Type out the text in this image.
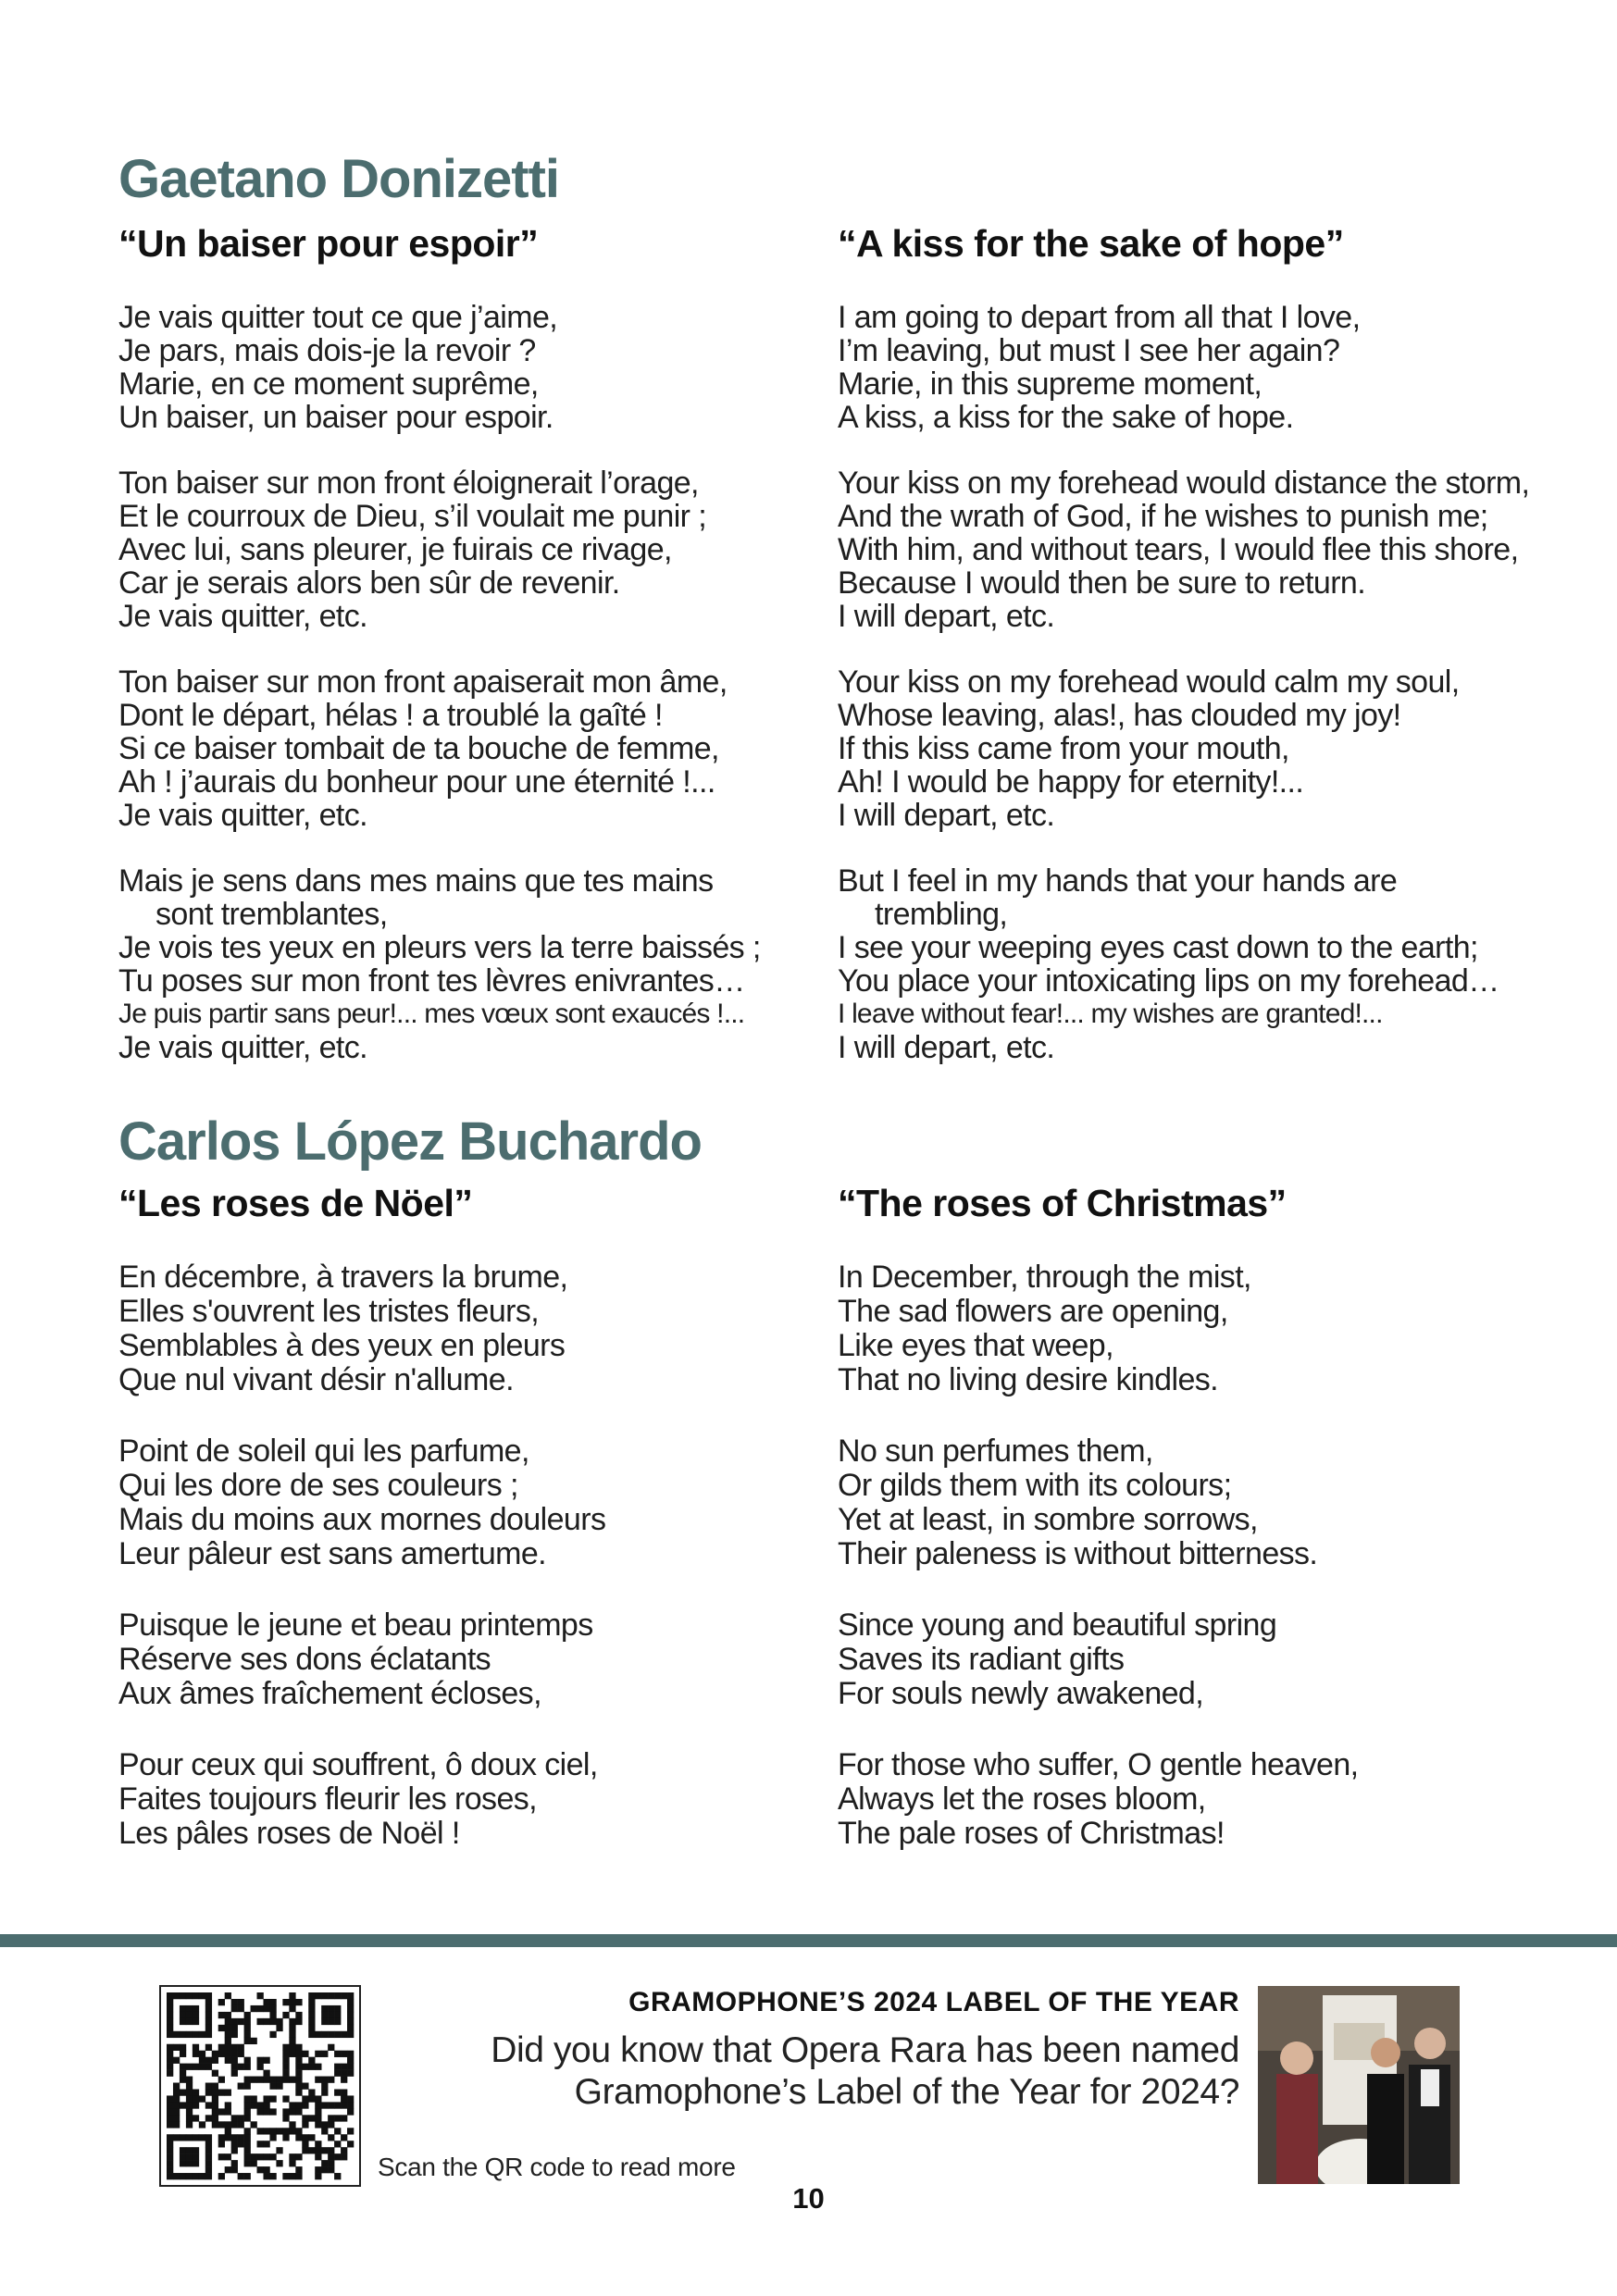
Gaetano Donizetti
“Un baiser pour espoir”
Je vais quitter tout ce que j’aime,
Je pars, mais dois-je la revoir ?
Marie, en ce moment suprême,
Un baiser, un baiser pour espoir.
Ton baiser sur mon front éloignerait l’orage,
Et le courroux de Dieu, s’il voulait me punir ;
Avec lui, sans pleurer, je fuirais ce rivage,
Car je serais alors ben sûr de revenir.
Je vais quitter, etc.
Ton baiser sur mon front apaiserait mon âme,
Dont le départ, hélas ! a troublé la gaîté !
Si ce baiser tombait de ta bouche de femme,
Ah ! j’aurais du bonheur pour une éternité !...
Je vais quitter, etc.
Mais je sens dans mes mains que tes mains
sont tremblantes,
Je vois tes yeux en pleurs vers la terre baissés ;
Tu poses sur mon front tes lèvres enivrantes…
Je puis partir sans peur!... mes vœux sont exaucés !...
Je vais quitter, etc.
“A kiss for the sake of hope”
I am going to depart from all that I love,
I’m leaving, but must I see her again?
Marie, in this supreme moment,
A kiss, a kiss for the sake of hope.
Your kiss on my forehead would distance the storm,
And the wrath of God, if he wishes to punish me;
With him, and without tears, I would flee this shore,
Because I would then be sure to return.
I will depart, etc.
Your kiss on my forehead would calm my soul,
Whose leaving, alas!, has clouded my joy!
If this kiss came from your mouth,
Ah! I would be happy for eternity!...
I will depart, etc.
But I feel in my hands that your hands are
trembling,
I see your weeping eyes cast down to the earth;
You place your intoxicating lips on my forehead…
I leave without fear!... my wishes are granted!...
I will depart, etc.
Carlos López Buchardo
“Les roses de Nöel”
En décembre, à travers la brume,
Elles s'ouvrent les tristes fleurs,
Semblables à des yeux en pleurs
Que nul vivant désir n'allume.
Point de soleil qui les parfume,
Qui les dore de ses couleurs ;
Mais du moins aux mornes douleurs
Leur pâleur est sans amertume.
Puisque le jeune et beau printemps
Réserve ses dons éclatants
Aux âmes fraîchement écloses,
Pour ceux qui souffrent, ô doux ciel,
Faites toujours fleurir les roses,
Les pâles roses de Noël !
“The roses of Christmas”
In December, through the mist,
The sad flowers are opening,
Like eyes that weep,
That no living desire kindles.
No sun perfumes them,
Or gilds them with its colours;
Yet at least, in sombre sorrows,
Their paleness is without bitterness.
Since young and beautiful spring
Saves its radiant gifts
For souls newly awakened,
For those who suffer, O gentle heaven,
Always let the roses bloom,
The pale roses of Christmas!
Scan the QR code to read more
GRAMOPHONE’S 2024 LABEL OF THE YEAR
Did you know that Opera Rara has been named Gramophone’s Label of the Year for 2024?
10
